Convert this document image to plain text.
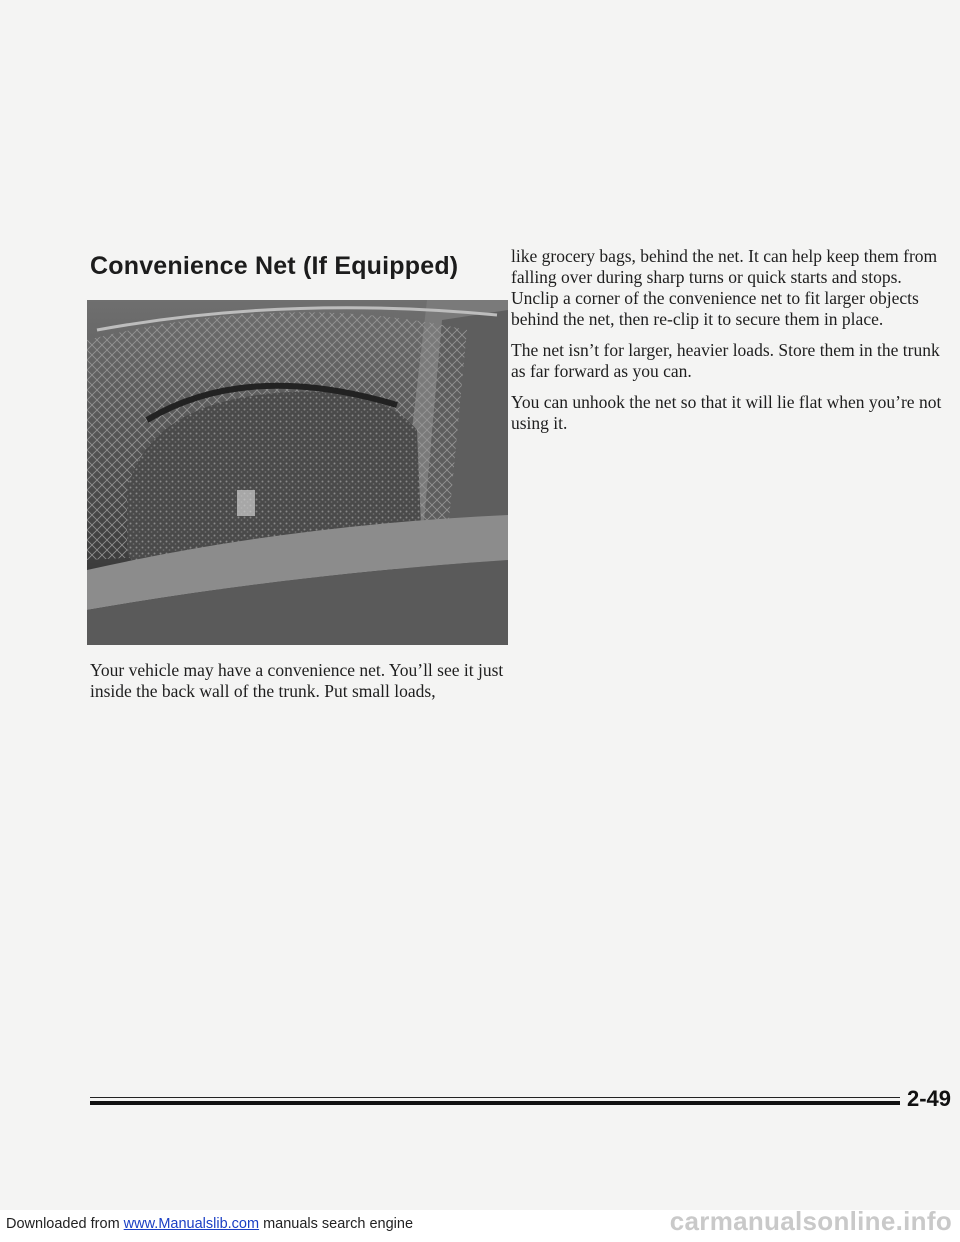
Convenience Net (If Equipped)

Your vehicle may have a convenience net. You’ll see it just inside the back wall of the trunk. Put small loads,

like grocery bags, behind the net. It can help keep them from falling over during sharp turns or quick starts and stops. Unclip a corner of the convenience net to fit larger objects behind the net, then re-clip it to secure them in place.

The net isn’t for larger, heavier loads. Store them in the trunk as far forward as you can.

You can unhook the net so that it will lie flat when you’re not using it.

2-49
Downloaded from www.Manualslib.com manuals search engine	carmanualsonline.info
